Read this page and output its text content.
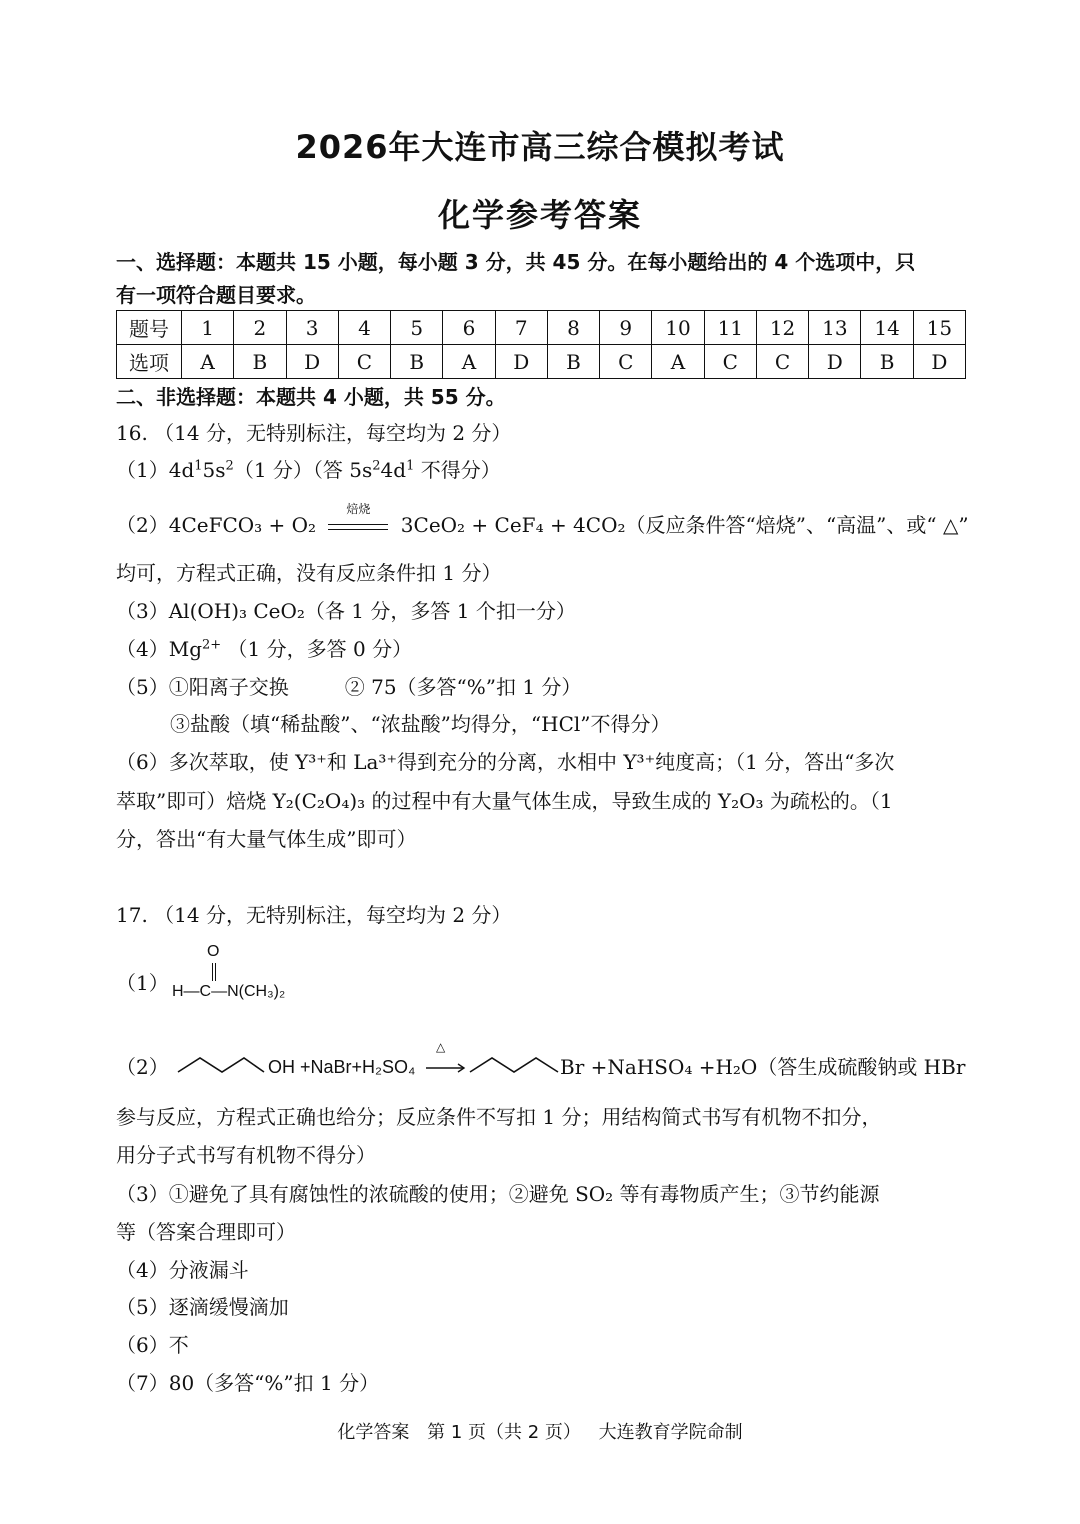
2026年大连市高三综合模拟考试
化学参考答案
一、选择题：本题共 15 小题，每小题 3 分，共 45 分。在每小题给出的 4 个选项中，只
有一项符合题目要求。
题号	1	2	3	4	5	6	7	8	9	10	11	12	13	14	15
选项	A	B	D	C	B	A	D	B	C	A	C	C	D	B	D
二、非选择题：本题共 4 小题，共 55 分。
16. （14 分，无特别标注，每空均为 2 分）
$(1)4d^15s^2(1$ 分）（答 $5s^24d^1$ 不得分）
（2）4CeFCO₃ + O₂
焙烧
3CeO₂ + CeF₄ + 4CO₂（反应条件答“焙烧”、“高温”、或“ △”
均可，方程式正确，没有反应条件扣 1 分）
（3）Al(OH)₃ CeO₂（各 1 分，多答 1 个扣一分）
$(4)Mg^{2+}$ （1 分，多答 0 分）
（5）①阳离子交换	② 75（多答“%”扣 1 分）
③盐酸（填“稀盐酸”、“浓盐酸”均得分，“HCl”不得分）
（6）多次萃取，使 Y³⁺和 La³⁺得到充分的分离，水相中 Y³⁺纯度高；（1 分，答出“多次
萃取”即可）焙烧 Y₂(C₂O₄)₃ 的过程中有大量气体生成，导致生成的 Y₂O₃ 为疏松的。（1
分，答出“有大量气体生成”即可）
17. （14 分，无特别标注，每空均为 2 分）
（1）
O
H—C—N(CH₃)₂
（2）	OH +NaBr+H₂SO₄
△
Br +NaHSO₄ +H₂O（答生成硫酸钠或 HBr
参与反应，方程式正确也给分；反应条件不写扣 1 分；用结构简式书写有机物不扣分，
用分子式书写有机物不得分）
（3）①避免了具有腐蚀性的浓硫酸的使用；②避免 SO₂ 等有毒物质产生；③节约能源
等（答案合理即可）
（4）分液漏斗
（5）逐滴缓慢滴加
（6）不
（7）80（多答“%”扣 1 分）
化学答案 第 1 页（共 2 页） 大连教育学院命制
